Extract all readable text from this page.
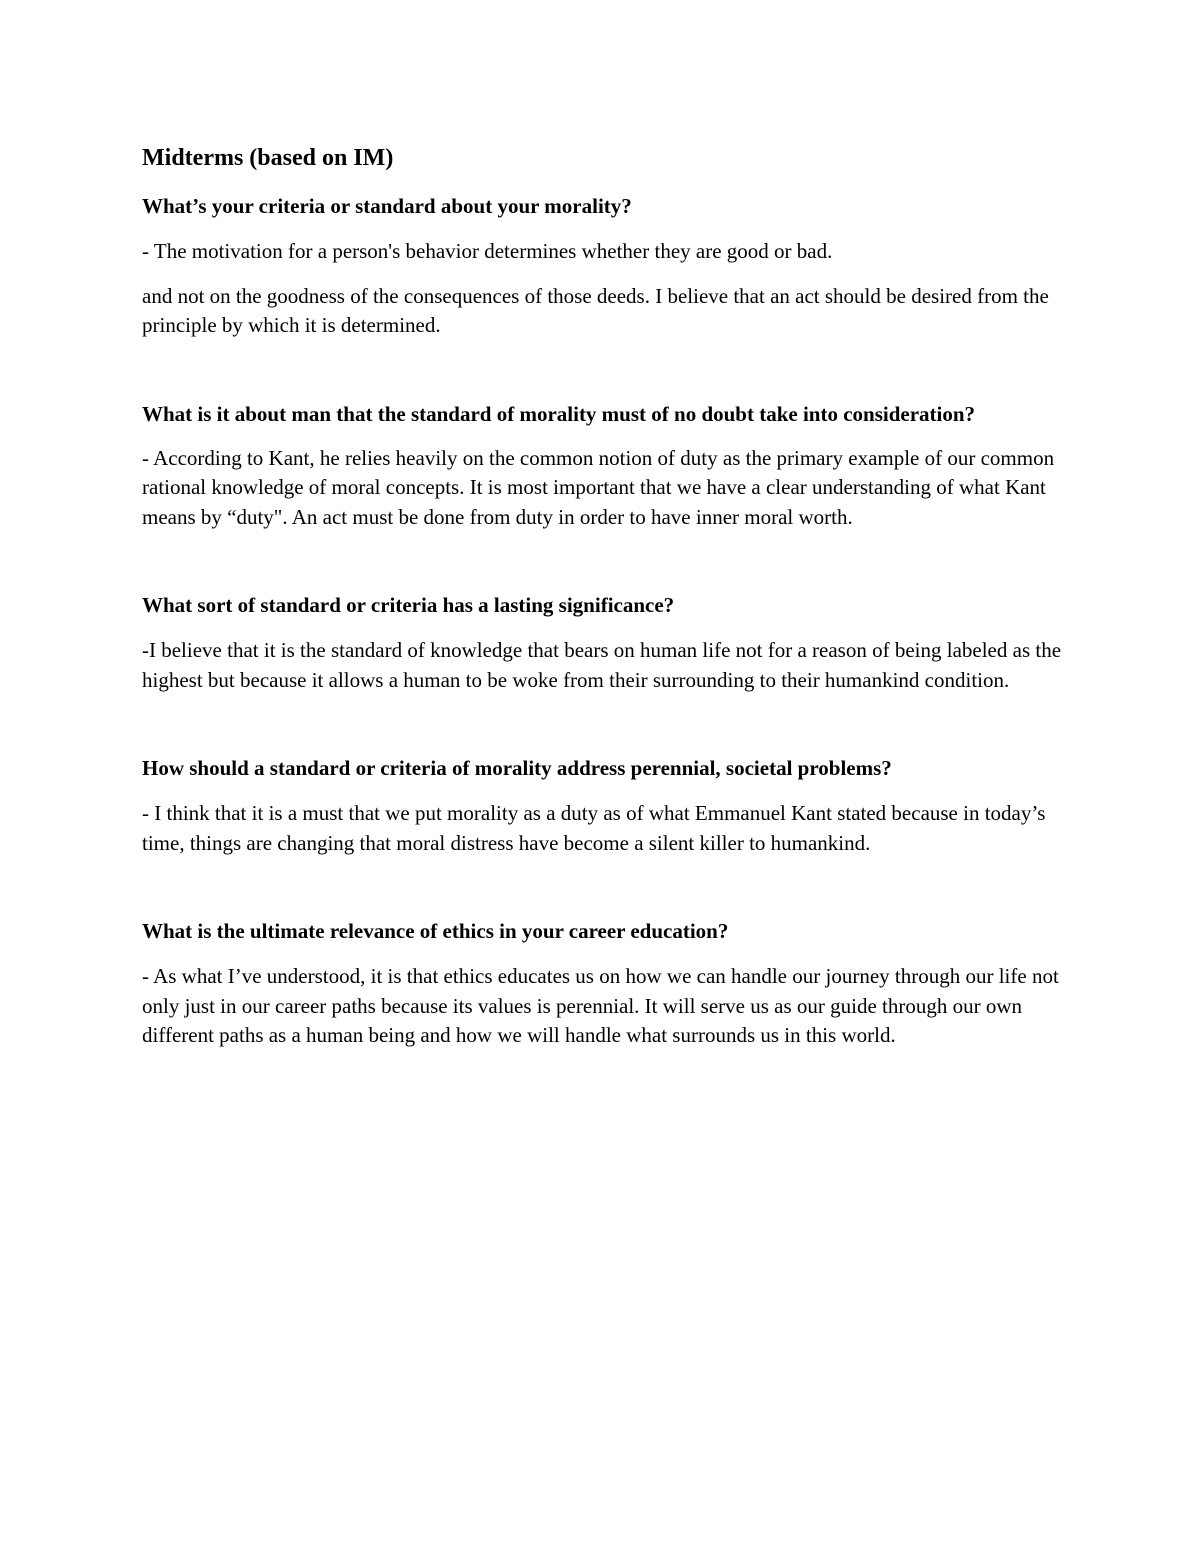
Midterms (based on IM)

What’s your criteria or standard about your morality?

- The motivation for a person's behavior determines whether they are good or bad.

and not on the goodness of the consequences of those deeds. I believe that an act should be desired from the principle by which it is determined.

What is it about man that the standard of morality must of no doubt take into consideration?

- According to Kant, he relies heavily on the common notion of duty as the primary example of our common rational knowledge of moral concepts. It is most important that we have a clear understanding of what Kant means by “duty". An act must be done from duty in order to have inner moral worth.

What sort of standard or criteria has a lasting significance?

-I believe that it is the standard of knowledge that bears on human life not for a reason of being labeled as the highest but because it allows a human to be woke from their surrounding to their humankind condition.

How should a standard or criteria of morality address perennial, societal problems?

- I think that it is a must that we put morality as a duty as of what Emmanuel Kant stated because in today’s time, things are changing that moral distress have become a silent killer to humankind.

What is the ultimate relevance of ethics in your career education?

- As what I’ve understood, it is that ethics educates us on how we can handle our journey through our life not only just in our career paths because its values is perennial. It will serve us as our guide through our own different paths as a human being and how we will handle what surrounds us in this world.
